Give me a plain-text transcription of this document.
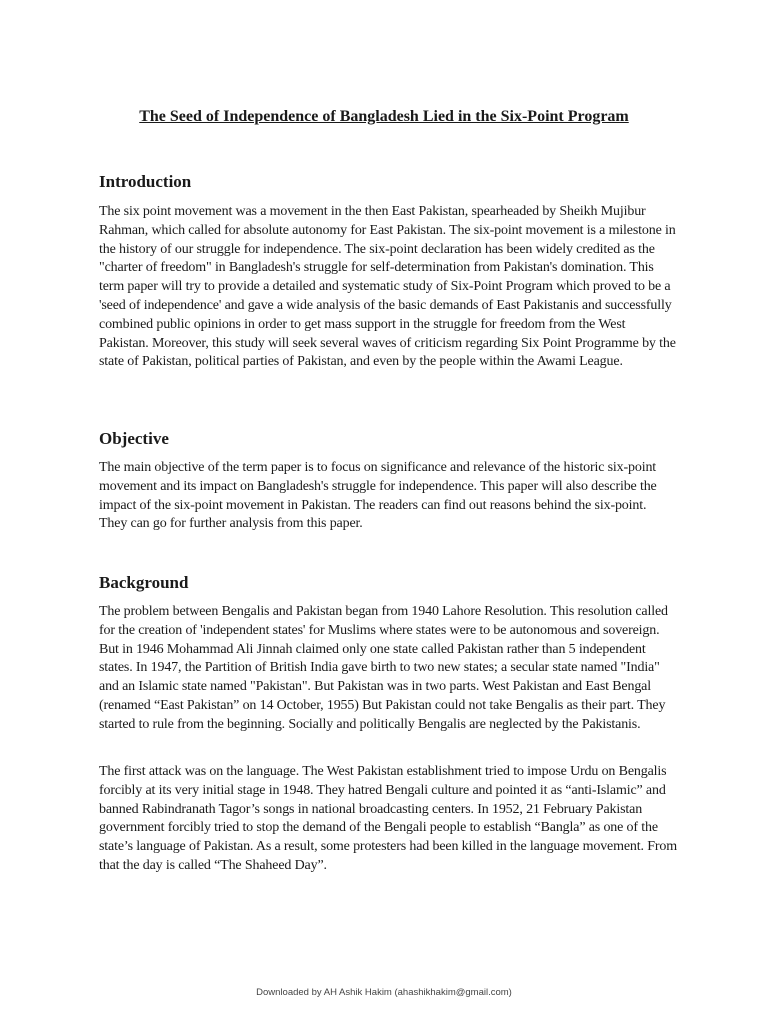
The Seed of Independence of Bangladesh Lied in the Six-Point Program
Introduction

The six point movement was a movement in the then East Pakistan, spearheaded by Sheikh Mujibur Rahman, which called for absolute autonomy for East Pakistan. The six-point movement is a milestone in the history of our struggle for independence. The six-point declaration has been widely credited as the "charter of freedom" in Bangladesh's struggle for self-determination from Pakistan's domination. This term paper will try to provide a detailed and systematic study of Six-Point Program which proved to be a 'seed of independence' and gave a wide analysis of the basic demands of East Pakistanis and successfully combined public opinions in order to get mass support in the struggle for freedom from the West Pakistan. Moreover, this study will seek several waves of criticism regarding Six Point Programme by the state of Pakistan, political parties of Pakistan, and even by the people within the Awami League.

Objective

The main objective of the term paper is to focus on significance and relevance of the historic six-point movement and its impact on Bangladesh's struggle for independence. This paper will also describe the impact of the six-point movement in Pakistan. The readers can find out reasons behind the six-point. They can go for further analysis from this paper.

Background

The problem between Bengalis and Pakistan began from 1940 Lahore Resolution. This resolution called for the creation of 'independent states' for Muslims where states were to be autonomous and sovereign. But in 1946 Mohammad Ali Jinnah claimed only one state called Pakistan rather than 5 independent states. In 1947, the Partition of British India gave birth to two new states; a secular state named "India" and an Islamic state named "Pakistan". But Pakistan was in two parts. West Pakistan and East Bengal (renamed “East Pakistan” on 14 October, 1955) But Pakistan could not take Bengalis as their part. They started to rule from the beginning. Socially and politically Bengalis are neglected by the Pakistanis.

The first attack was on the language. The West Pakistan establishment tried to impose Urdu on Bengalis forcibly at its very initial stage in 1948. They hatred Bengali culture and pointed it as “anti-Islamic” and banned Rabindranath Tagor’s songs in national broadcasting centers. In 1952, 21 February Pakistan government forcibly tried to stop the demand of the Bengali people to establish “Bangla” as one of the state’s language of Pakistan. As a result, some protesters had been killed in the language movement. From that the day is called “The Shaheed Day”.

Downloaded by AH Ashik Hakim (ahashikhakim@gmail.com)
